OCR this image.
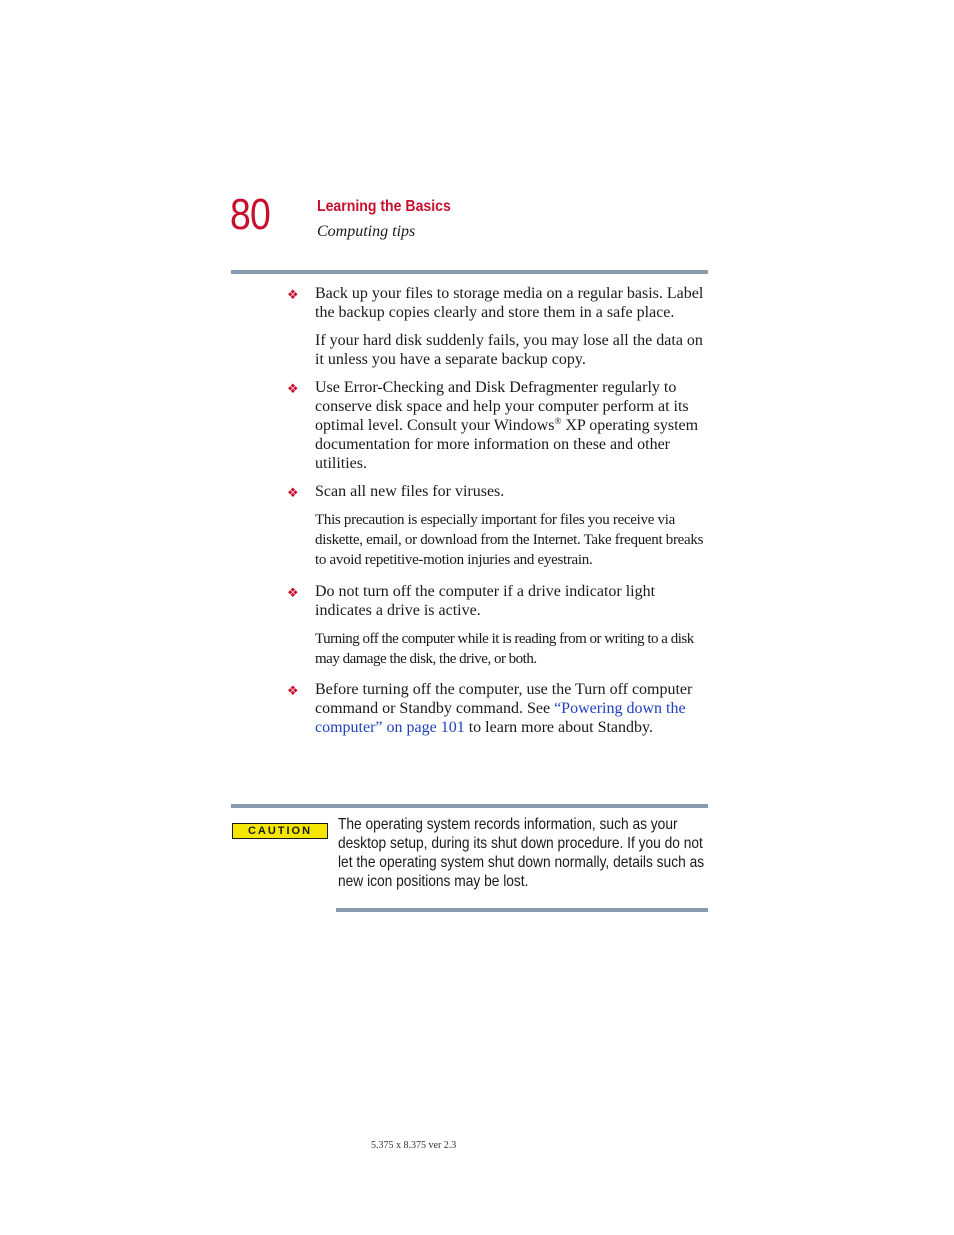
80	Learning the Basics
Computing tips
❖ Back up your files to storage media on a regular basis. Label the backup copies clearly and store them in a safe place.
If your hard disk suddenly fails, you may lose all the data on it unless you have a separate backup copy.
❖ Use Error-Checking and Disk Defragmenter regularly to conserve disk space and help your computer perform at its optimal level. Consult your Windows® XP operating system documentation for more information on these and other utilities.
❖ Scan all new files for viruses.
This precaution is especially important for files you receive via diskette, email, or download from the Internet. Take frequent breaks to avoid repetitive-motion injuries and eyestrain.
❖ Do not turn off the computer if a drive indicator light indicates a drive is active.
Turning off the computer while it is reading from or writing to a disk may damage the disk, the drive, or both.
❖ Before turning off the computer, use the Turn off computer command or Standby command. See “Powering down the computer” on page 101 to learn more about Standby.
CAUTION	The operating system records information, such as your desktop setup, during its shut down procedure. If you do not let the operating system shut down normally, details such as new icon positions may be lost.
5.375 x 8.375 ver 2.3
